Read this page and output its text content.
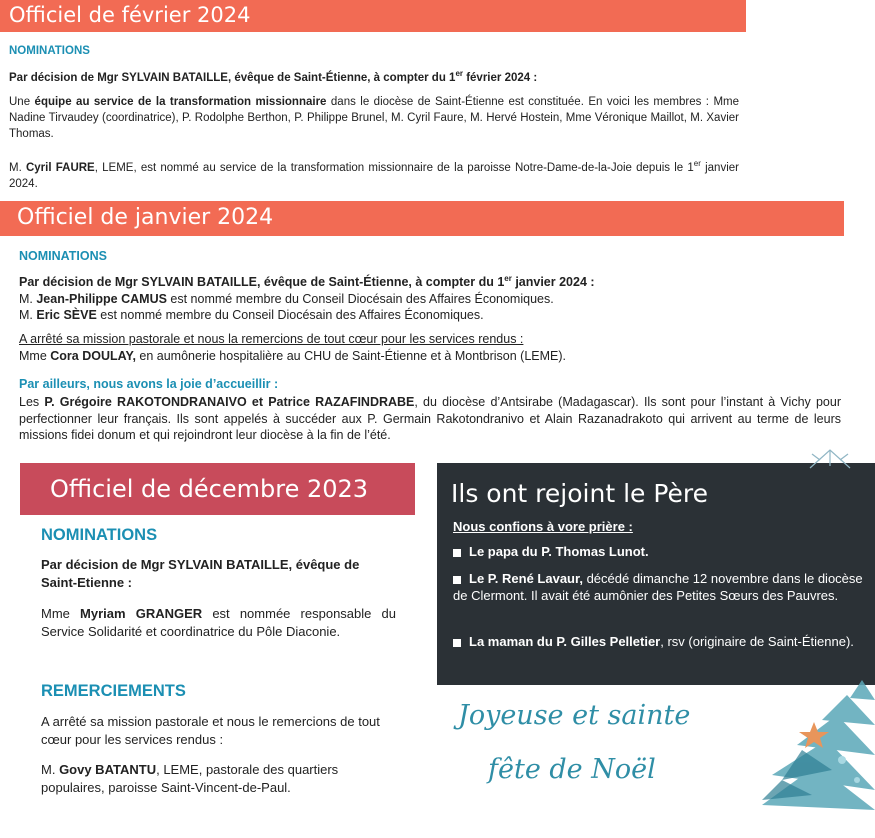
Officiel de février 2024
NOMINATIONS
Par décision de Mgr SYLVAIN BATAILLE, évêque de Saint-Étienne, à compter du 1er février 2024 :
Une équipe au service de la transformation missionnaire dans le diocèse de Saint-Étienne est constituée. En voici les membres : Mme Nadine Tirvaudey (coordinatrice), P. Rodolphe Berthon, P. Philippe Brunel, M. Cyril Faure, M. Hervé Hostein, Mme Véronique Maillot, M. Xavier Thomas.
M. Cyril FAURE, LEME, est nommé au service de la transformation missionnaire de la paroisse Notre-Dame-de-la-Joie depuis le 1er janvier 2024.
Officiel de janvier 2024
NOMINATIONS
Par décision de Mgr SYLVAIN BATAILLE, évêque de Saint-Étienne, à compter du 1er janvier 2024 :
M. Jean-Philippe CAMUS est nommé membre du Conseil Diocésain des Affaires Économiques.
M. Eric SÈVE est nommé membre du Conseil Diocésain des Affaires Économiques.
A arrêté sa mission pastorale et nous la remercions de tout cœur pour les services rendus :
Mme Cora DOULAY, en aumônerie hospitalière au CHU de Saint-Étienne et à Montbrison (LEME).
Par ailleurs, nous avons la joie d’accueillir :
Les P. Grégoire RAKOTONDRANAIVO et Patrice RAZAFINDRABE, du diocèse d’Antsirabe (Madagascar). Ils sont pour l’instant à Vichy pour perfectionner leur français. Ils sont appelés à succéder aux P. Germain Rakotondranivo et Alain Razanadrakoto qui arrivent au terme de leurs missions fidei donum et qui rejoindront leur diocèse à la fin de l’été.
Officiel de décembre 2023
NOMINATIONS
Par décision de Mgr SYLVAIN BATAILLE, évêque de Saint-Etienne :
Mme Myriam GRANGER est nommée responsable du Service Solidarité et coordinatrice du Pôle Diaconie.
REMERCIEMENTS
A arrêté sa mission pastorale et nous le remercions de tout cœur pour les services rendus :
M. Govy BATANTU, LEME, pastorale des quartiers populaires, paroisse Saint-Vincent-de-Paul.
Ils ont rejoint le Père
Nous confions à vore prière :
Le papa du P. Thomas Lunot.
Le P. René Lavaur, décédé dimanche 12 novembre dans le diocèse de Clermont. Il avait été aumônier des Petites Sœurs des Pauvres.
La maman du P. Gilles Pelletier, rsv (originaire de Saint-Étienne).
Joyeuse et sainte
fête de Noël
